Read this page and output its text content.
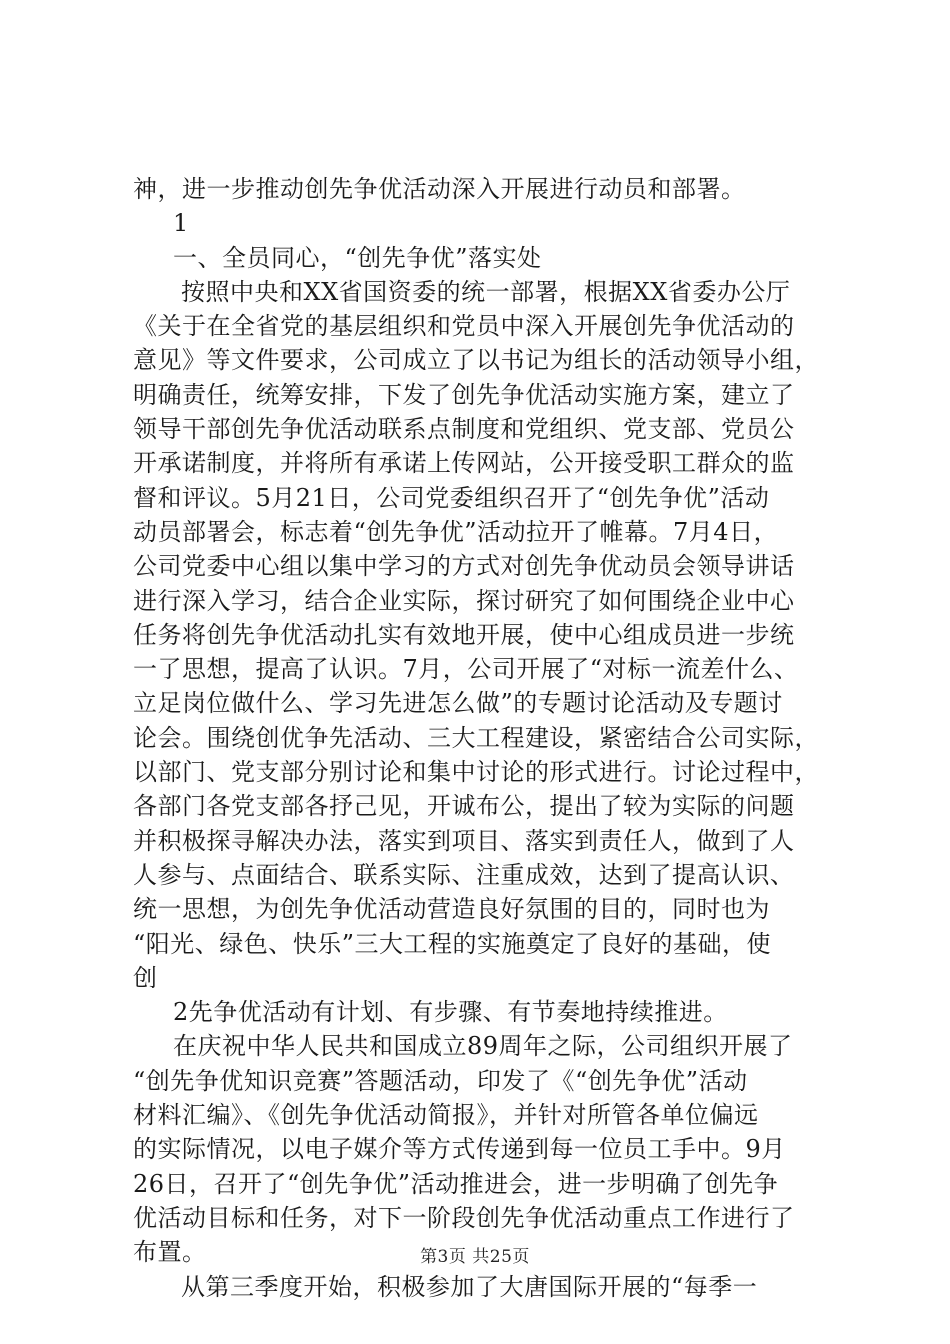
神，进一步推动创先争优活动深入开展进行动员和部署。
1
一、全员同心，“创先争优”落实处
按照中央和XX省国资委的统一部署，根据XX省委办公厅
《关于在全省党的基层组织和党员中深入开展创先争优活动的
意见》等文件要求，公司成立了以书记为组长的活动领导小组，
明确责任，统筹安排，下发了创先争优活动实施方案，建立了
领导干部创先争优活动联系点制度和党组织、党支部、党员公
开承诺制度，并将所有承诺上传网站，公开接受职工群众的监
督和评议。5月21日，公司党委组织召开了“创先争优”活动
动员部署会，标志着“创先争优”活动拉开了帷幕。7月4日，
公司党委中心组以集中学习的方式对创先争优动员会领导讲话
进行深入学习，结合企业实际，探讨研究了如何围绕企业中心
任务将创先争优活动扎实有效地开展，使中心组成员进一步统
一了思想，提高了认识。7月，公司开展了“对标一流差什么、
立足岗位做什么、学习先进怎么做”的专题讨论活动及专题讨
论会。围绕创优争先活动、三大工程建设，紧密结合公司实际，
以部门、党支部分别讨论和集中讨论的形式进行。讨论过程中，
各部门各党支部各抒己见，开诚布公，提出了较为实际的问题
并积极探寻解决办法，落实到项目、落实到责任人，做到了人
人参与、点面结合、联系实际、注重成效，达到了提高认识、
统一思想，为创先争优活动营造良好氛围的目的，同时也为
“阳光、绿色、快乐”三大工程的实施奠定了良好的基础，使
创
2先争优活动有计划、有步骤、有节奏地持续推进。
在庆祝中华人民共和国成立89周年之际，公司组织开展了
“创先争优知识竞赛”答题活动，印发了《“创先争优”活动
材料汇编》、《创先争优活动简报》，并针对所管各单位偏远
的实际情况，以电子媒介等方式传递到每一位员工手中。9月
26日，召开了“创先争优”活动推进会，进一步明确了创先争
优活动目标和任务，对下一阶段创先争优活动重点工作进行了
布置。
从第三季度开始，积极参加了大唐国际开展的“每季一
第3页 共25页
